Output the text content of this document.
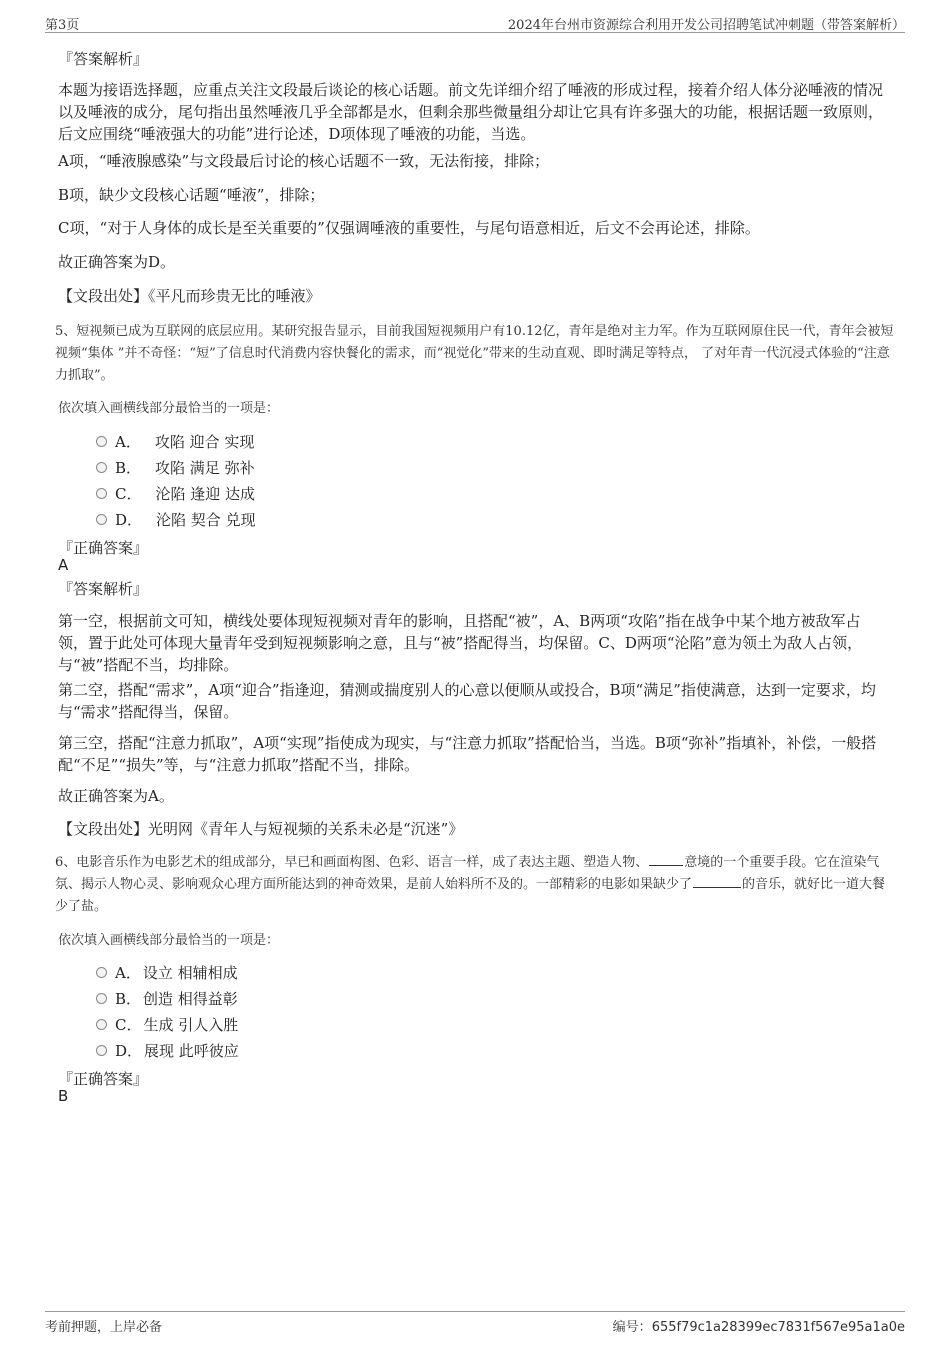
第3页	2024年台州市资源综合利用开发公司招聘笔试冲刺题（带答案解析）
『答案解析』
本题为接语选择题，应重点关注文段最后谈论的核心话题。前文先详细介绍了唾液的形成过程，接着介绍人体分泌唾液的情况以及唾液的成分，尾句指出虽然唾液几乎全部都是水，但剩余那些微量组分却让它具有许多强大的功能，根据话题一致原则，后文应围绕“唾液强大的功能”进行论述，D项体现了唾液的功能，当选。
A项，“唾液腺感染”与文段最后讨论的核心话题不一致，无法衔接，排除；
B项，缺少文段核心话题“唾液”，排除；
C项，“对于人身体的成长是至关重要的”仅强调唾液的重要性，与尾句语意相近，后文不会再论述，排除。
故正确答案为D。
【文段出处】《平凡而珍贵无比的唾液》
5、短视频已成为互联网的底层应用。某研究报告显示，目前我国短视频用户有10.12亿，青年是绝对主力军。作为互联网原住民一代，青年会被短视频“集体 ”并不奇怪：“短”了信息时代消费内容快餐化的需求，而“视觉化”带来的生动直观、即时满足等特点， 了对年青一代沉浸式体验的“注意力抓取”。
依次填入画横线部分最恰当的一项是：
A． 攻陷 迎合 实现
B． 攻陷 满足 弥补
C． 沦陷 逢迎 达成
D． 沦陷 契合 兑现
『正确答案』
A
『答案解析』
第一空，根据前文可知，横线处要体现短视频对青年的影响，且搭配“被”，A、B两项“攻陷”指在战争中某个地方被敌军占领，置于此处可体现大量青年受到短视频影响之意，且与“被”搭配得当，均保留。C、D两项“沦陷”意为领土为敌人占领，与“被”搭配不当，均排除。
第二空，搭配“需求”，A项“迎合”指逢迎，猜测或揣度别人的心意以便顺从或投合，B项“满足”指使满意，达到一定要求，均与“需求”搭配得当，保留。
第三空，搭配“注意力抓取”，A项“实现”指使成为现实，与“注意力抓取”搭配恰当，当选。B项“弥补”指填补，补偿，一般搭配“不足”“损失”等，与“注意力抓取”搭配不当，排除。
故正确答案为A。
【文段出处】光明网《青年人与短视频的关系未必是“沉迷”》
6、电影音乐作为电影艺术的组成部分，早已和画面构图、色彩、语言一样，成了表达主题、塑造人物、	意境的一个重要手段。它在渲染气氛、揭示人物心灵、影响观众心理方面所能达到的神奇效果，是前人始料所不及的。一部精彩的电影如果缺少了	的音乐，就好比一道大餐少了盐。
依次填入画横线部分最恰当的一项是：
A． 设立 相辅相成
B． 创造 相得益彰
C． 生成 引人入胜
D． 展现 此呼彼应
『正确答案』
B
考前押题，上岸必备	编号：655f79c1a28399ec7831f567e95a1a0e
